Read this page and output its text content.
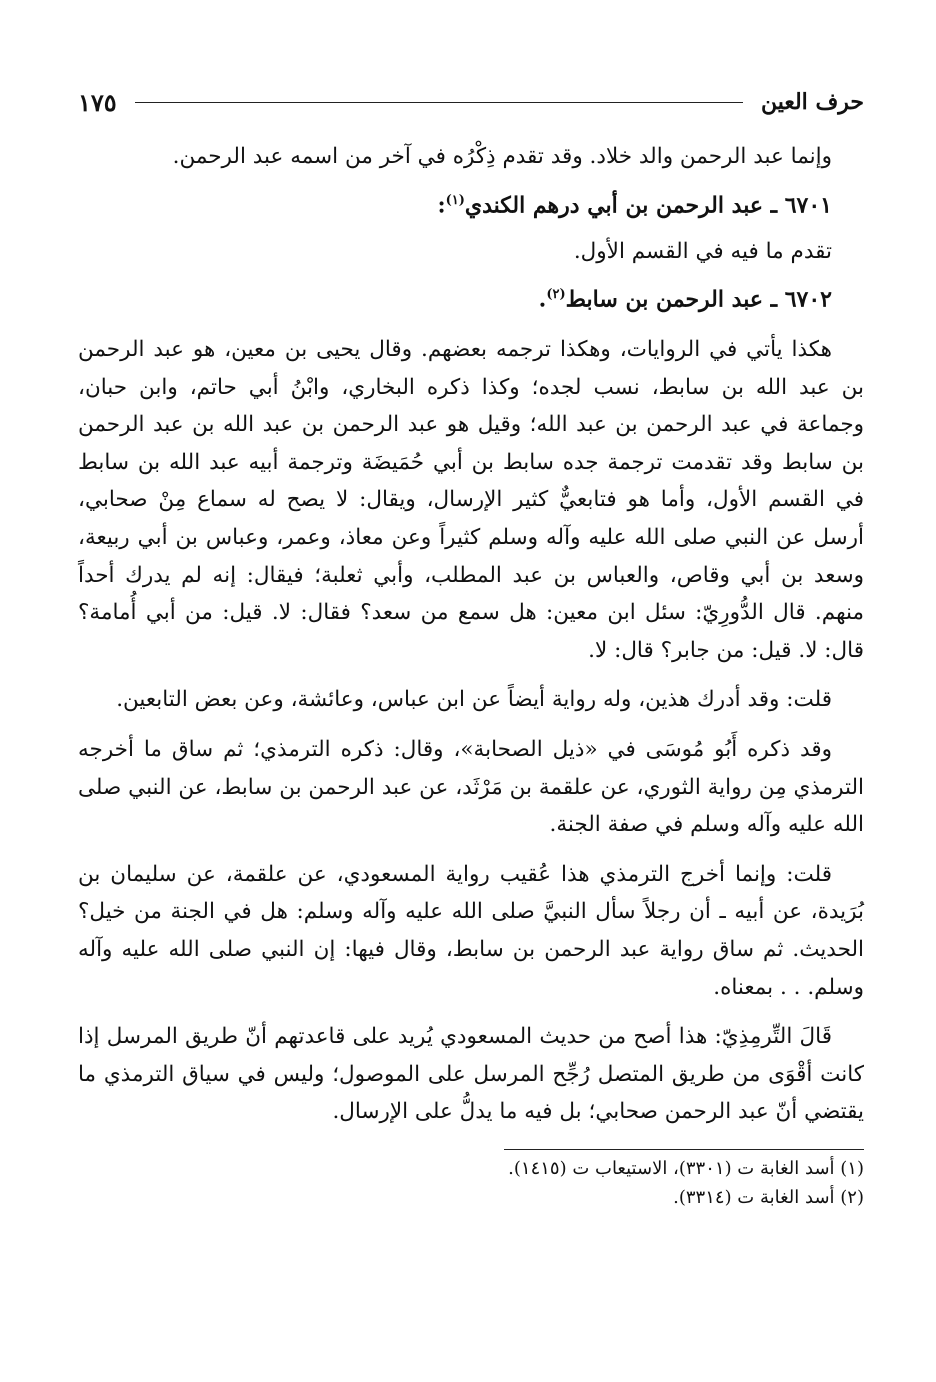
حرف العين
١٧٥

وإنما عبد الرحمن والد خلاد. وقد تقدم ذِكْرُه في آخر من اسمه عبد الرحمن.

٦٧٠١ ـ عبد الرحمن بن أبي درهم الكندي$^{(١)}$:

تقدم ما فيه في القسم الأول.

٦٧٠٢ ـ عبد الرحمن بن سابط$^{(٢)}$.

هكذا يأتي في الروايات، وهكذا ترجمه بعضهم. وقال يحيى بن معين، هو عبد الرحمن بن عبد الله بن سابط، نسب لجده؛ وكذا ذكره البخاري، وابْنُ أبي حاتم، وابن حبان، وجماعة في عبد الرحمن بن عبد الله؛ وقيل هو عبد الرحمن بن عبد الله بن عبد الرحمن بن سابط وقد تقدمت ترجمة جده سابط بن أبي حُمَيضَة وترجمة أبيه عبد الله بن سابط في القسم الأول، وأما هو فتابعيٌّ كثير الإرسال، ويقال: لا يصح له سماع مِنْ صحابي، أرسل عن النبي صلى الله عليه وآله وسلم كثيراً وعن معاذ، وعمر، وعباس بن أبي ربيعة، وسعد بن أبي وقاص، والعباس بن عبد المطلب، وأبي ثعلبة؛ فيقال: إنه لم يدرك أحداً منهم. قال الدُّورِيّ: سئل ابن معين: هل سمع من سعد؟ فقال: لا. قيل: من أبي أُمامة؟ قال: لا. قيل: من جابر؟ قال: لا.

قلت: وقد أدرك هذين، وله رواية أيضاً عن ابن عباس، وعائشة، وعن بعض التابعين.

وقد ذكره أَبُو مُوسَى في «ذيل الصحابة»، وقال: ذكره الترمذي؛ ثم ساق ما أخرجه الترمذي مِن رواية الثوري، عن علقمة بن مَرْثَد، عن عبد الرحمن بن سابط، عن النبي صلى الله عليه وآله وسلم في صفة الجنة.

قلت: وإنما أخرج الترمذي هذا عُقيب رواية المسعودي، عن علقمة، عن سليمان بن بُرَيدة، عن أبيه ـ أن رجلاً سأل النبيَّ صلى الله عليه وآله وسلم: هل في الجنة من خيل؟ الحديث. ثم ساق رواية عبد الرحمن بن سابط، وقال فيها: إن النبي صلى الله عليه وآله وسلم. . . بمعناه.

قَالَ التِّرمِذِيّ: هذا أصح من حديث المسعودي يُريد على قاعدتهم أنّ طريق المرسل إذا كانت أقْوَى من طريق المتصل رُجِّح المرسل على الموصول؛ وليس في سياق الترمذي ما يقتضي أنّ عبد الرحمن صحابي؛ بل فيه ما يدلُّ على الإرسال.

(١) أسد الغابة ت (٣٣٠١)، الاستيعاب ت (١٤١٥).
(٢) أسد الغابة ت (٣٣١٤).
